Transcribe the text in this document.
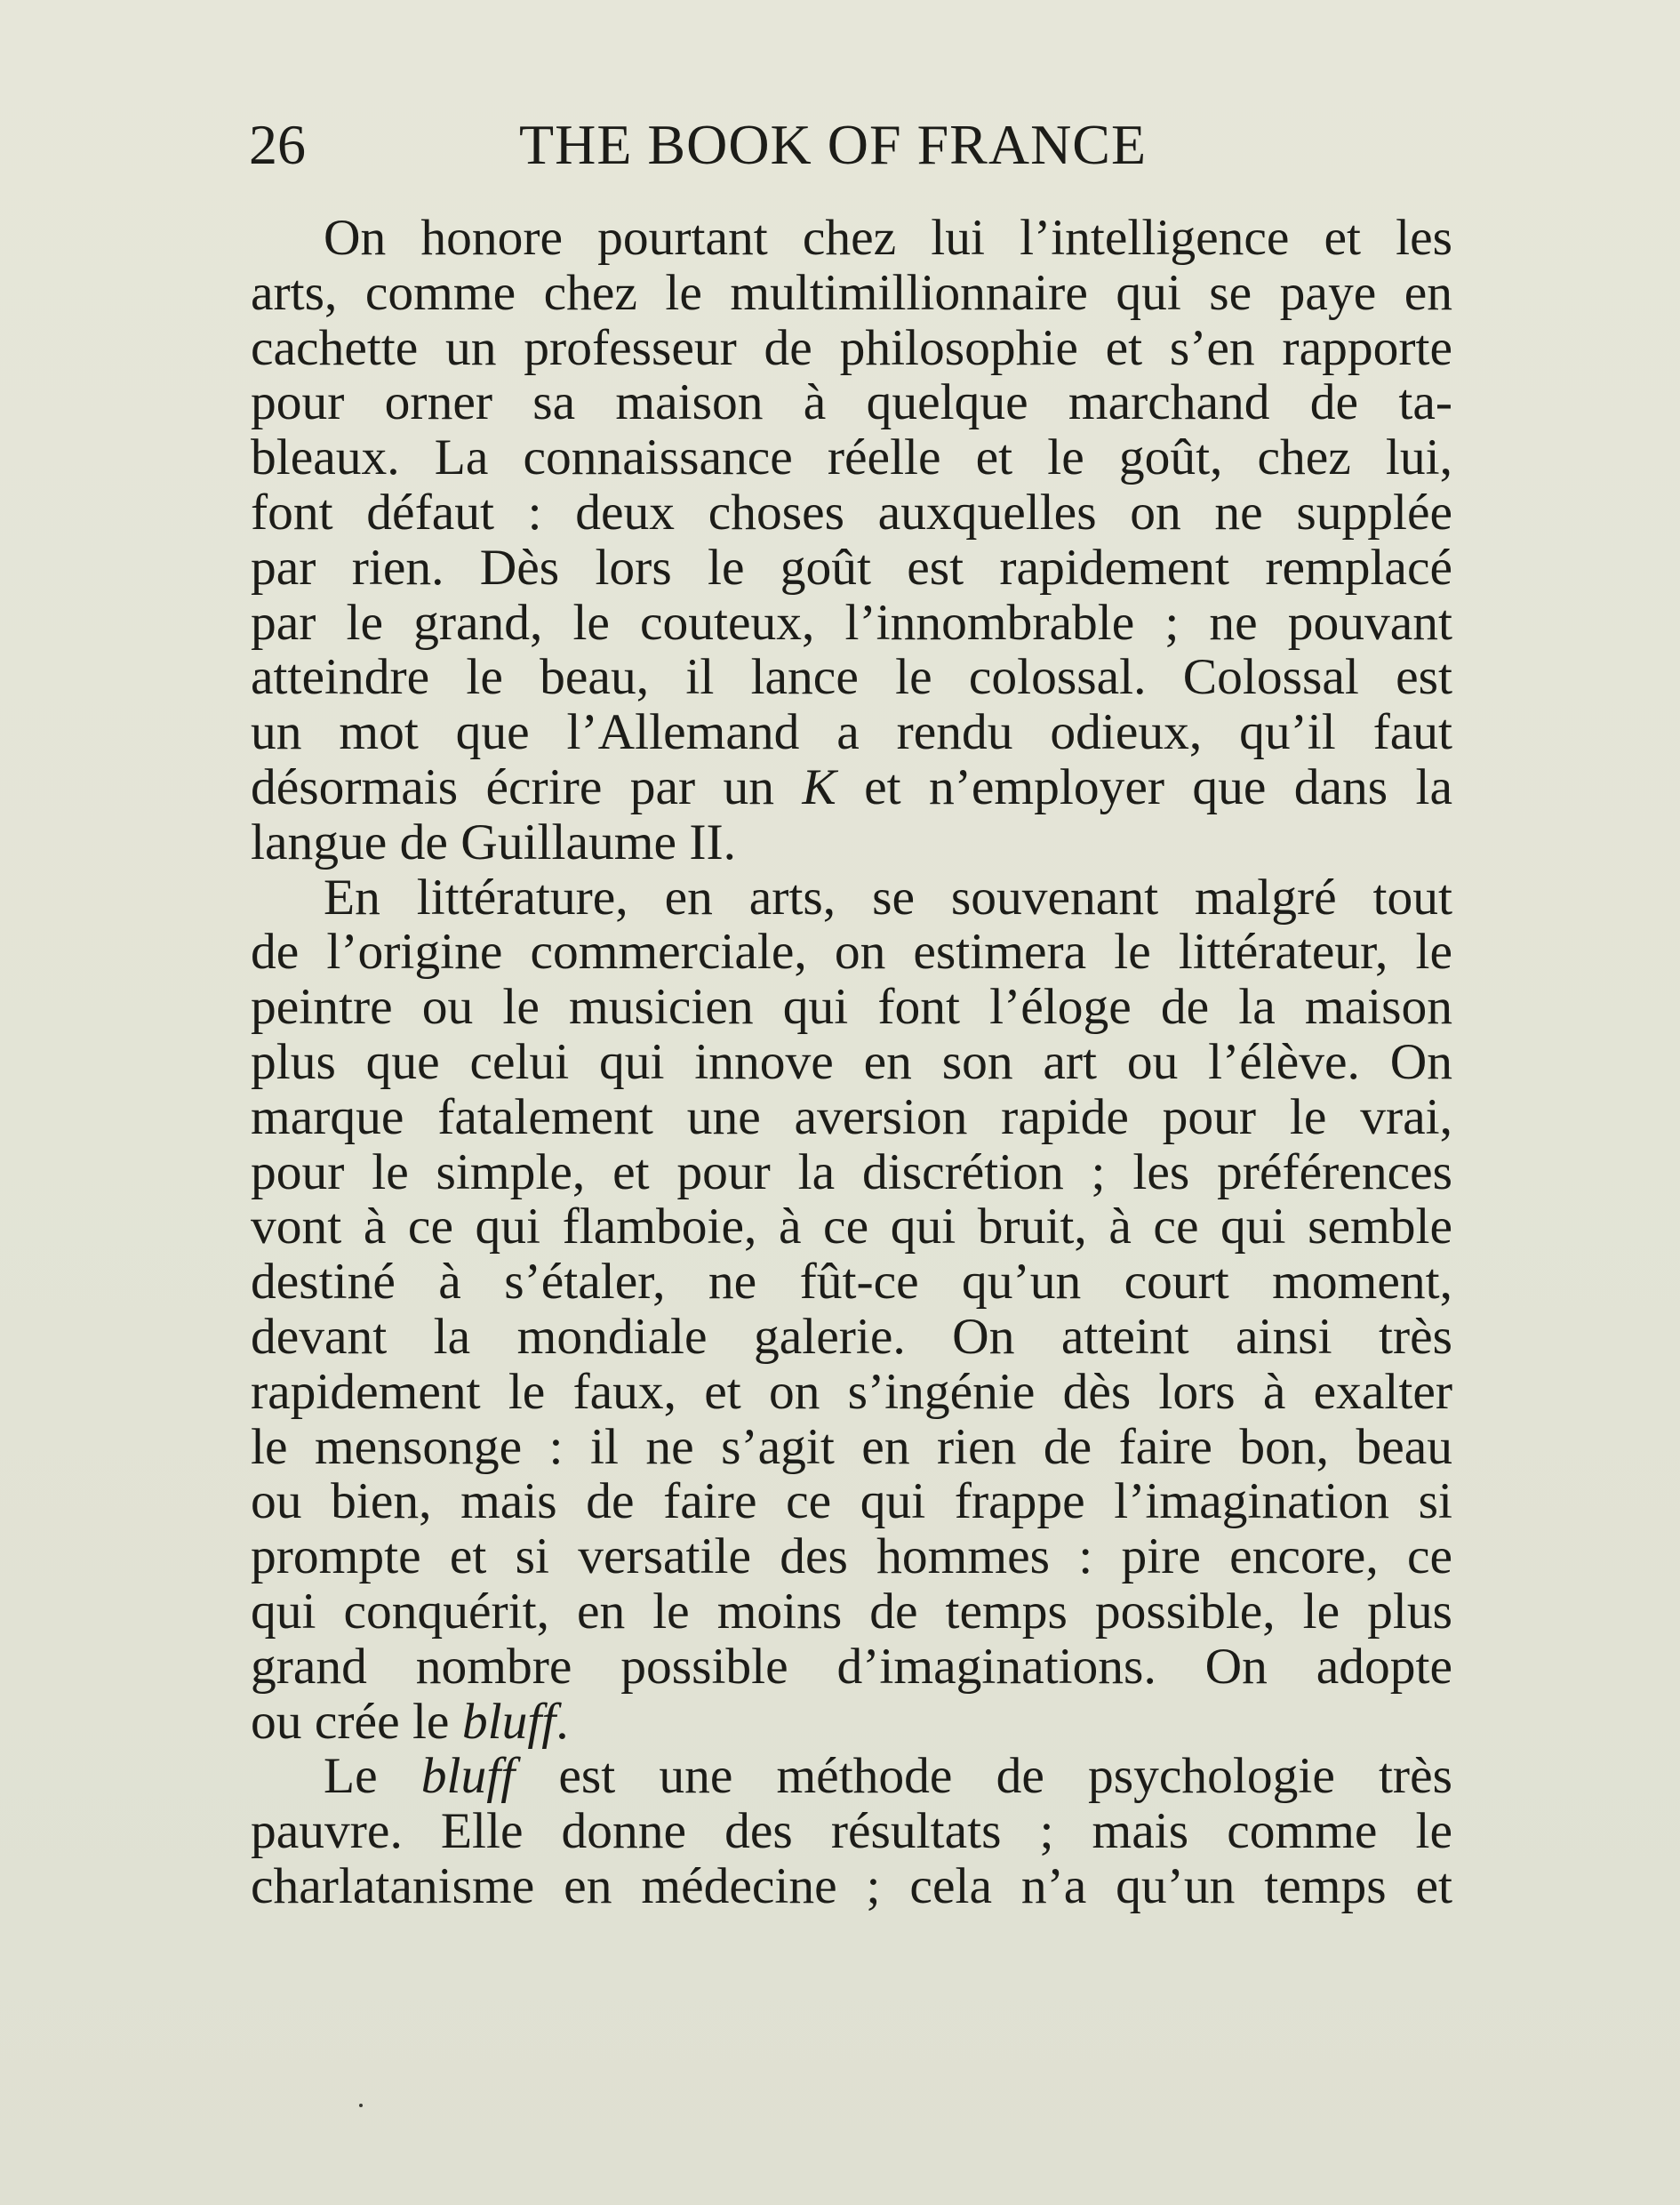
26	THE BOOK OF FRANCE

On honore pourtant chez lui l’intelligence et les
arts, comme chez le multimillionnaire qui se paye en
cachette un professeur de philosophie et s’en rapporte
pour orner sa maison à quelque marchand de ta-
bleaux. La connaissance réelle et le goût, chez lui,
font défaut : deux choses auxquelles on ne supplée
par rien. Dès lors le goût est rapidement remplacé
par le grand, le couteux, l’innombrable ; ne pouvant
atteindre le beau, il lance le colossal. Colossal est
un mot que l’Allemand a rendu odieux, qu’il faut
désormais écrire par un K et n’employer que dans la
langue de Guillaume II.

En littérature, en arts, se souvenant malgré tout
de l’origine commerciale, on estimera le littérateur, le
peintre ou le musicien qui font l’éloge de la maison
plus que celui qui innove en son art ou l’élève. On
marque fatalement une aversion rapide pour le vrai,
pour le simple, et pour la discrétion ; les préférences
vont à ce qui flamboie, à ce qui bruit, à ce qui semble
destiné à s’étaler, ne fût-ce qu’un court moment,
devant la mondiale galerie. On atteint ainsi très
rapidement le faux, et on s’ingénie dès lors à exalter
le mensonge : il ne s’agit en rien de faire bon, beau
ou bien, mais de faire ce qui frappe l’imagination si
prompte et si versatile des hommes : pire encore, ce
qui conquérit, en le moins de temps possible, le plus
grand nombre possible d’imaginations. On adopte
ou crée le bluff.

Le bluff est une méthode de psychologie très
pauvre. Elle donne des résultats ; mais comme le
charlatanisme en médecine ; cela n’a qu’un temps et
